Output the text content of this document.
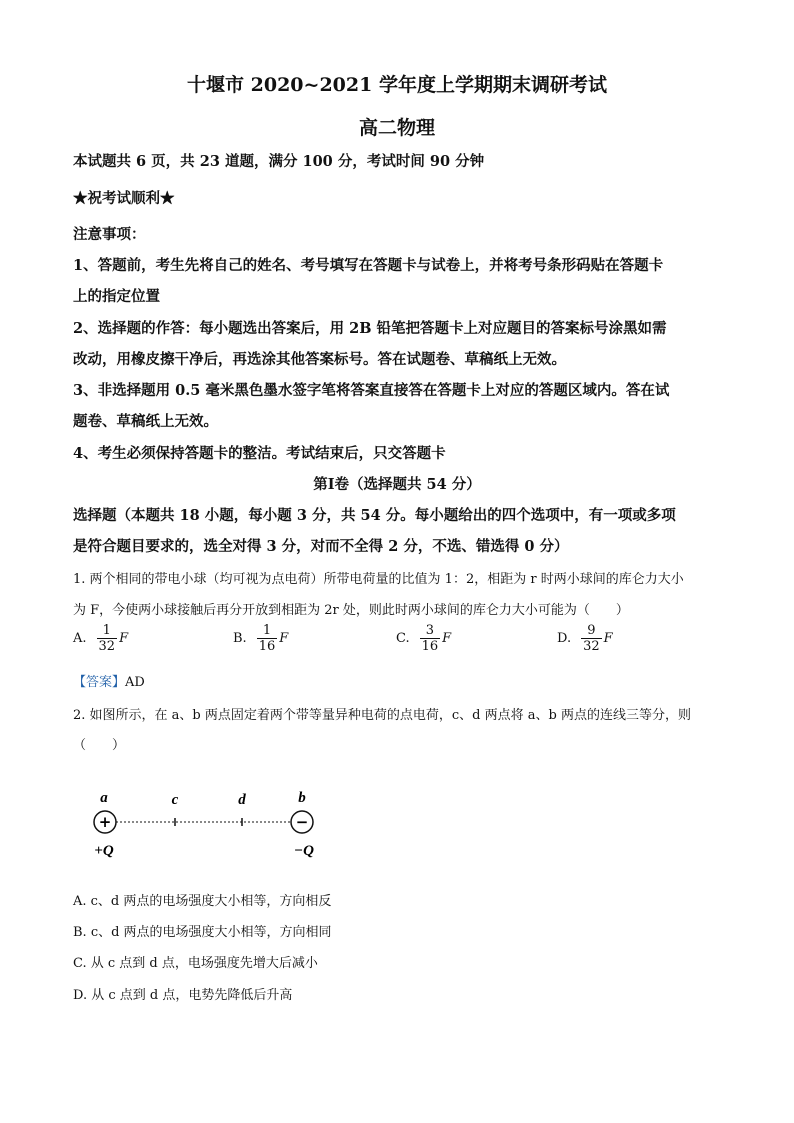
十堰市 2020~2021 学年度上学期期末调研考试
高二物理
本试题共 6 页，共 23 道题，满分 100 分，考试时间 90 分钟
★祝考试顺利★
注意事项：
1、答题前，考生先将自己的姓名、考号填写在答题卡与试卷上，并将考号条形码贴在答题卡
上的指定位置
2、选择题的作答：每小题选出答案后，用 2B 铅笔把答题卡上对应题目的答案标号涂黑如需
改动，用橡皮擦干净后，再选涂其他答案标号。答在试题卷、草稿纸上无效。
3、非选择题用 0.5 毫米黑色墨水签字笔将答案直接答在答题卡上对应的答题区域内。答在试
题卷、草稿纸上无效。
4、考生必须保持答题卡的整洁。考试结束后，只交答题卡
第Ⅰ卷（选择题共 54 分）
选择题（本题共 18 小题，每小题 3 分，共 54 分。每小题给出的四个选项中，有一项或多项
是符合题目要求的，选全对得 3 分，对而不全得 2 分，不选、错选得 0 分）
1. 两个相同的带电小球（均可视为点电荷）所带电荷量的比值为 1：2，相距为 r 时两小球间的库仑力大小
为 F，今使两小球接触后再分开放到相距为 2r 处，则此时两小球间的库仑力大小可能为（　　）
A. $\frac{1}{32}$ F	B. $\frac{1}{16}$ F	C. $\frac{3}{16}$ F	D. $\frac{9}{32}$ F
【答案】AD
2. 如图所示，在 a、b 两点固定着两个带等量异种电荷的点电荷，c、d 两点将 a、b 两点的连线三等分，则
（　　）
a	c	d	b
+	−
+Q	−Q
A. c、d 两点的电场强度大小相等，方向相反
B. c、d 两点的电场强度大小相等，方向相同
C. 从 c 点到 d 点，电场强度先增大后减小
D. 从 c 点到 d 点，电势先降低后升高
